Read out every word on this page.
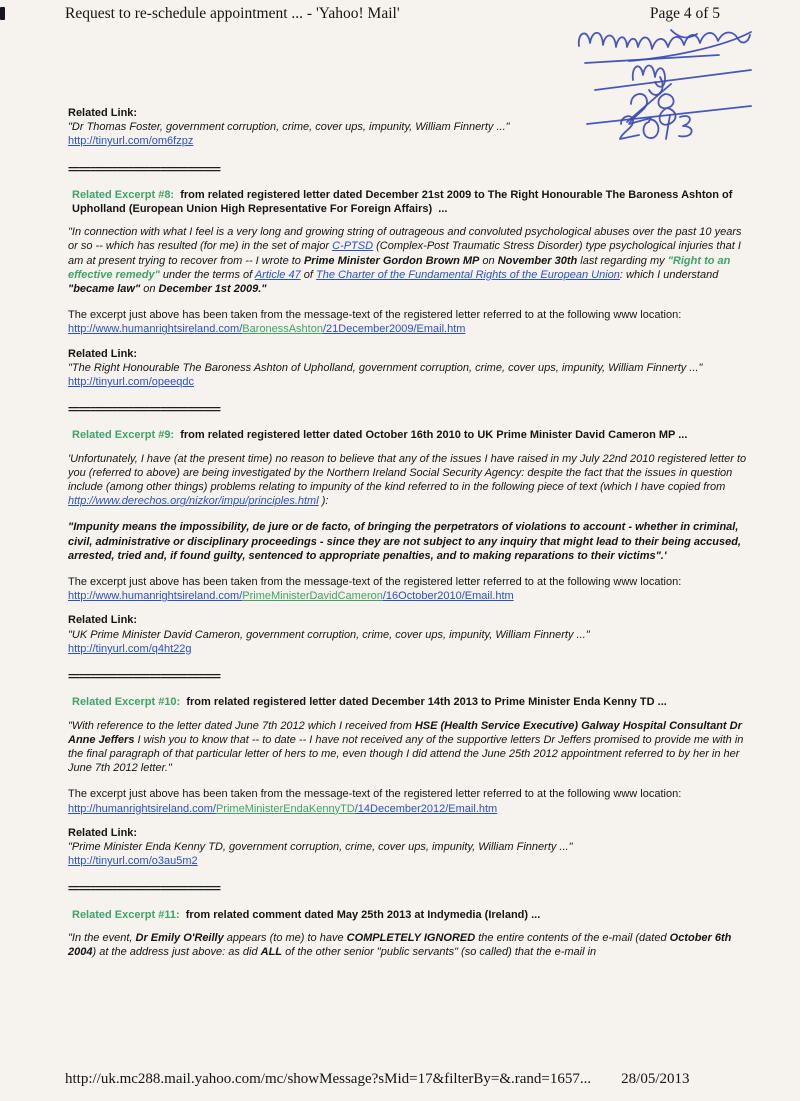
Request to re-schedule appointment ... - 'Yahoo! Mail'	Page 4 of 5
Related Link:
"Dr Thomas Foster, government corruption, crime, cover ups, impunity, William Finnerty ..."
http://tinyurl.com/om6fzpz
============================
Related Excerpt #8:  from related registered letter dated December 21st 2009 to The Right Honourable The Baroness Ashton of Upholland (European Union High Representative For Foreign Affairs)  ...
"In connection with what I feel is a very long and growing string of outrageous and convoluted psychological abuses over the past 10 years or so -- which has resulted (for me) in the set of major C-PTSD (Complex-Post Traumatic Stress Disorder) type psychological injuries that I am at present trying to recover from -- I wrote to Prime Minister Gordon Brown MP on November 30th last regarding my "Right to an effective remedy" under the terms of Article 47 of The Charter of the Fundamental Rights of the European Union: which I understand "became law" on December 1st 2009."
The excerpt just above has been taken from the message-text of the registered letter referred to at the following www location:
http://www.humanrightsireland.com/BaronessAshton/21December2009/Email.htm
Related Link:
"The Right Honourable The Baroness Ashton of Upholland, government corruption, crime, cover ups, impunity, William Finnerty ..."
http://tinyurl.com/opeeqdc
============================
Related Excerpt #9:  from related registered letter dated October 16th 2010 to UK Prime Minister David Cameron MP ...
'Unfortunately, I have (at the present time) no reason to believe that any of the issues I have raised in my July 22nd 2010 registered letter to you (referred to above) are being investigated by the Northern Ireland Social Security Agency: despite the fact that the issues in question include (among other things) problems relating to impunity of the kind referred to in the following piece of text (which I have copied from http://www.derechos.org/nizkor/impu/principles.html ):
"Impunity means the impossibility, de jure or de facto, of bringing the perpetrators of violations to account - whether in criminal, civil, administrative or disciplinary proceedings - since they are not subject to any inquiry that might lead to their being accused, arrested, tried and, if found guilty, sentenced to appropriate penalties, and to making reparations to their victims".'
The excerpt just above has been taken from the message-text of the registered letter referred to at the following www location:
http://www.humanrightsireland.com/PrimeMinisterDavidCameron/16October2010/Email.htm
Related Link:
"UK Prime Minister David Cameron, government corruption, crime, cover ups, impunity, William Finnerty ..."
http://tinyurl.com/q4ht22g
============================
Related Excerpt #10:  from related registered letter dated December 14th 2013 to Prime Minister Enda Kenny TD ...
"With reference to the letter dated June 7th 2012 which I received from HSE (Health Service Executive) Galway Hospital Consultant Dr Anne Jeffers I wish you to know that -- to date -- I have not received any of the supportive letters Dr Jeffers promised to provide me with in the final paragraph of that particular letter of hers to me, even though I did attend the June 25th 2012 appointment referred to by her in her June 7th 2012 letter."
The excerpt just above has been taken from the message-text of the registered letter referred to at the following www location:
http://humanrightsireland.com/PrimeMinisterEndaKennyTD/14December2012/Email.htm
Related Link:
"Prime Minister Enda Kenny TD, government corruption, crime, cover ups, impunity, William Finnerty ..."
http://tinyurl.com/o3au5m2
============================
Related Excerpt #11:  from related comment dated May 25th 2013 at Indymedia (Ireland) ...
"In the event, Dr Emily O'Reilly appears (to me) to have COMPLETELY IGNORED the entire contents of the e-mail (dated October 6th 2004) at the address just above: as did ALL of the other senior "public servants" (so called) that the e-mail in
http://uk.mc288.mail.yahoo.com/mc/showMessage?sMid=17&filterBy=&.rand=1657... 28/05/2013
